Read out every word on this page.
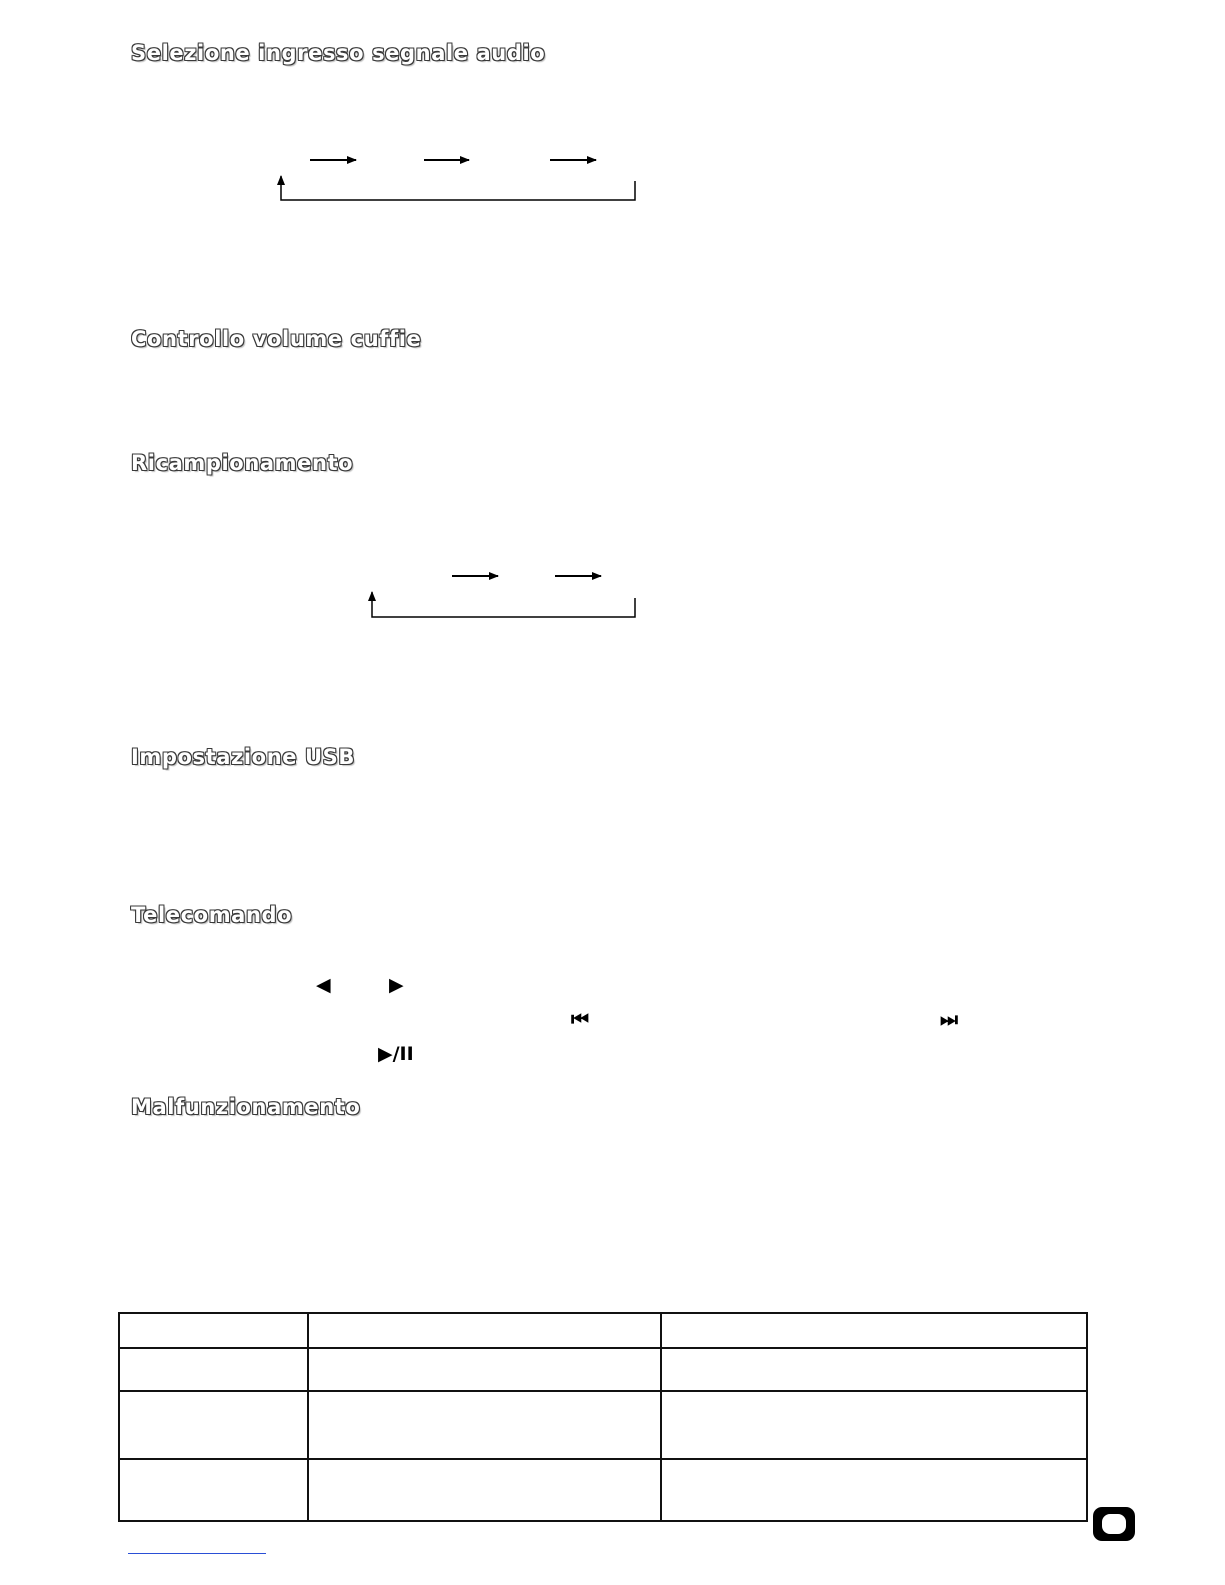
Selezione ingresso segnale audio
Controllo volume cuffie
Ricampionamento
Impostazione USB
Telecomando
◀	▶
⏮	⏭
▶/II
Malfunzionamento
